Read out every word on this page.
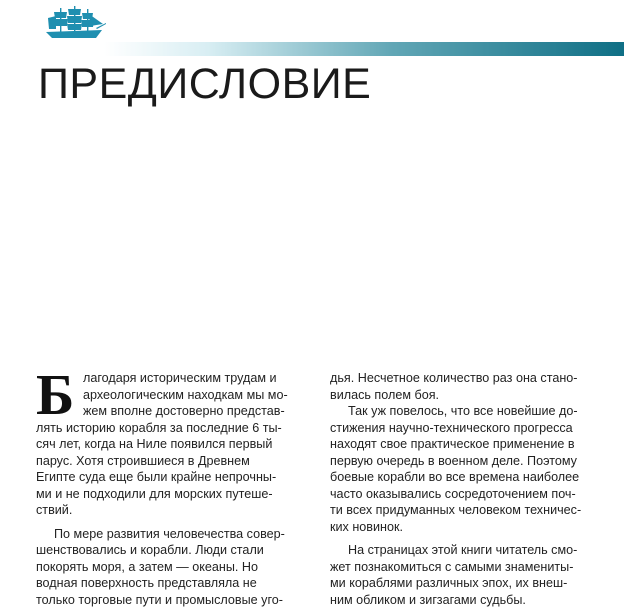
ПРЕДИСЛОВИЕ
Б лагодаря историческим трудам и
археологическим находкам мы мо-
жем вполне достоверно представ-
лять историю корабля за последние 6 ты-
сяч лет, когда на Ниле появился первый
парус. Хотя строившиеся в Древнем
Египте суда еще были крайне непрочны-
ми и не подходили для морских путеше-
ствий.
По мере развития человечества совер-
шенствовались и корабли. Люди стали
покорять моря, а затем — океаны. Но
водная поверхность представляла не
только торговые пути и промысловые уго-
дья. Несчетное количество раз она стано-
вилась полем боя.
Так уж повелось, что все новейшие до-
стижения научно-технического прогресса
находят свое практическое применение в
первую очередь в военном деле. Поэтому
боевые корабли во все времена наиболее
часто оказывались сосредоточением поч-
ти всех придуманных человеком техничес-
ких новинок.
На страницах этой книги читатель смо-
жет познакомиться с самыми знамениты-
ми кораблями различных эпох, их внеш-
ним обликом и зигзагами судьбы.
